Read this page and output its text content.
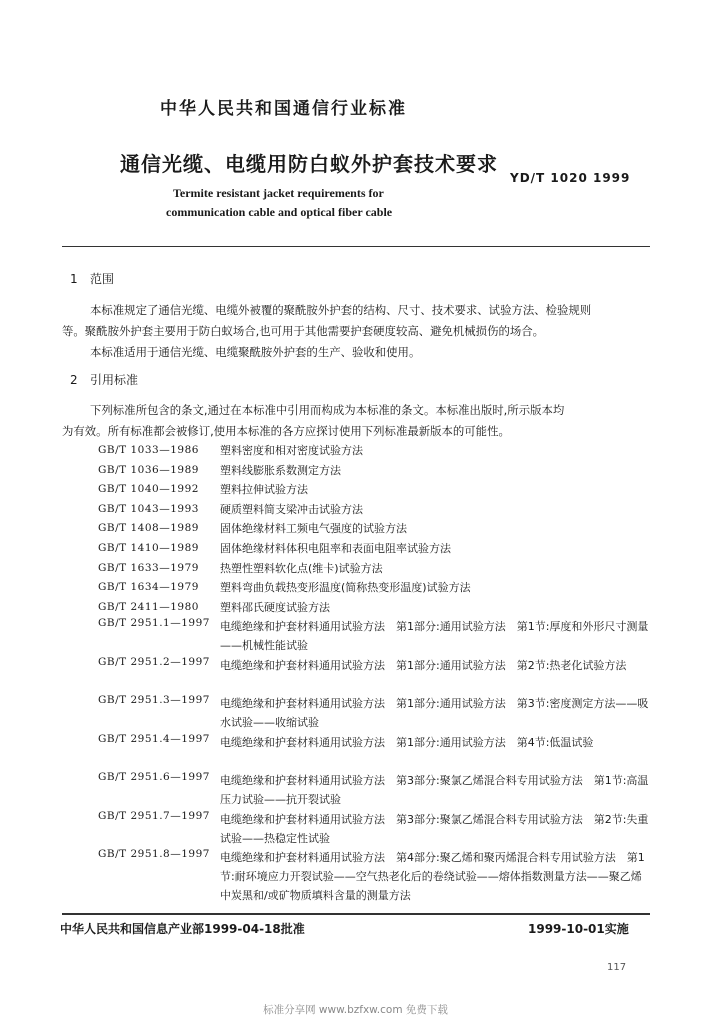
中华人民共和国通信行业标准
通信光缆、电缆用防白蚁外护套技术要求
YD/T 1020 1999
Termite resistant jacket requirements for
communication cable and optical fiber cable
1 范围
本标准规定了通信光缆、电缆外被覆的聚酰胺外护套的结构、尺寸、技术要求、试验方法、检验规则
等。聚酰胺外护套主要用于防白蚁场合,也可用于其他需要护套硬度较高、避免机械损伤的场合。
本标准适用于通信光缆、电缆聚酰胺外护套的生产、验收和使用。
2 引用标准
下列标准所包含的条文,通过在本标准中引用而构成为本标准的条文。本标准出版时,所示版本均
为有效。所有标准都会被修订,使用本标准的各方应探讨使用下列标准最新版本的可能性。
GB/T 1033—1986	塑料密度和相对密度试验方法
GB/T 1036—1989	塑料线膨胀系数测定方法
GB/T 1040—1992	塑料拉伸试验方法
GB/T 1043—1993	硬质塑料简支梁冲击试验方法
GB/T 1408—1989	固体绝缘材料工频电气强度的试验方法
GB/T 1410—1989	固体绝缘材料体积电阻率和表面电阻率试验方法
GB/T 1633—1979	热塑性塑料软化点(维卡)试验方法
GB/T 1634—1979	塑料弯曲负载热变形温度(简称热变形温度)试验方法
GB/T 2411—1980	塑料邵氏硬度试验方法
GB/T 2951.1—1997 电缆绝缘和护套材料通用试验方法　第1部分:通用试验方法　第1节:厚度和外形尺寸测量——机械性能试验
GB/T 2951.2—1997 电缆绝缘和护套材料通用试验方法　第1部分:通用试验方法　第2节:热老化试验方法
GB/T 2951.3—1997 电缆绝缘和护套材料通用试验方法　第1部分:通用试验方法　第3节:密度测定方法——吸水试验——收缩试验
GB/T 2951.4—1997 电缆绝缘和护套材料通用试验方法　第1部分:通用试验方法　第4节:低温试验
GB/T 2951.6—1997 电缆绝缘和护套材料通用试验方法　第3部分:聚氯乙烯混合料专用试验方法　第1节:高温压力试验——抗开裂试验
GB/T 2951.7—1997 电缆绝缘和护套材料通用试验方法　第3部分:聚氯乙烯混合料专用试验方法　第2节:失重试验——热稳定性试验
GB/T 2951.8—1997 电缆绝缘和护套材料通用试验方法　第4部分:聚乙烯和聚丙烯混合料专用试验方法　第1节:耐环境应力开裂试验——空气热老化后的卷绕试验——熔体指数测量方法——聚乙烯中炭黑和/或矿物质填料含量的测量方法
中华人民共和国信息产业部1999-04-18批准	1999-10-01实施
117
标准分享网 www.bzfxw.com 免费下载
